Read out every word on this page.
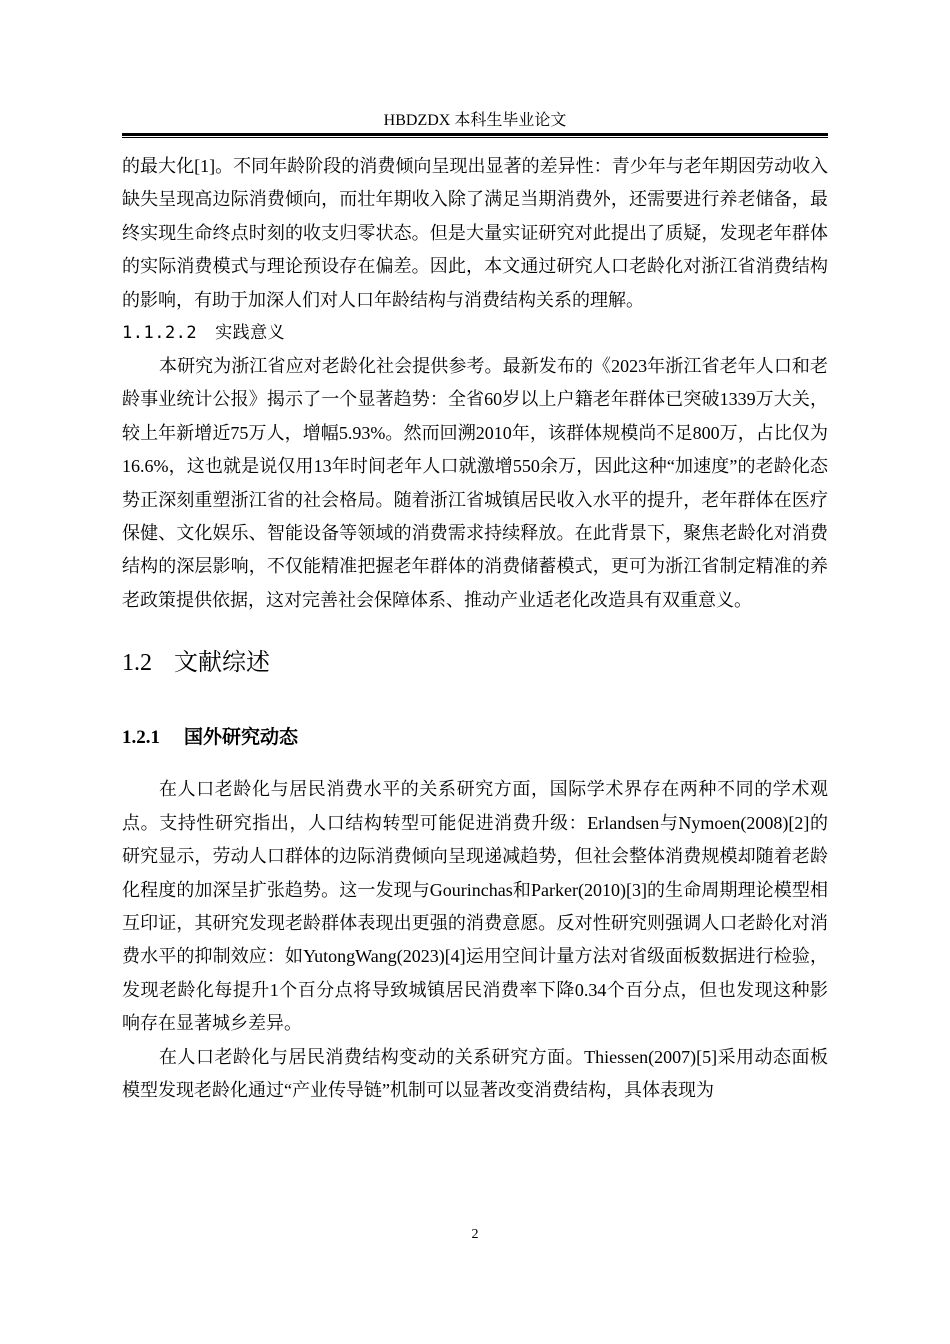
HBDZDX 本科生毕业论文

的最大化[1]。不同年龄阶段的消费倾向呈现出显著的差异性：青少年与老年期因劳动收入缺失呈现高边际消费倾向，而壮年期收入除了满足当期消费外，还需要进行养老储备，最终实现生命终点时刻的收支归零状态。但是大量实证研究对此提出了质疑，发现老年群体的实际消费模式与理论预设存在偏差。因此，本文通过研究人口老龄化对浙江省消费结构的影响，有助于加深人们对人口年龄结构与消费结构关系的理解。

1.1.2.2 实践意义

本研究为浙江省应对老龄化社会提供参考。最新发布的《2023年浙江省老年人口和老龄事业统计公报》揭示了一个显著趋势：全省60岁以上户籍老年群体已突破1339万大关，较上年新增近75万人，增幅5.93%。然而回溯2010年，该群体规模尚不足800万，占比仅为16.6%，这也就是说仅用13年时间老年人口就激增550余万，因此这种“加速度”的老龄化态势正深刻重塑浙江省的社会格局。随着浙江省城镇居民收入水平的提升，老年群体在医疗保健、文化娱乐、智能设备等领域的消费需求持续释放。在此背景下，聚焦老龄化对消费结构的深层影响，不仅能精准把握老年群体的消费储蓄模式，更可为浙江省制定精准的养老政策提供依据，这对完善社会保障体系、推动产业适老化改造具有双重意义。

1.2 文献综述
1.2.1 国外研究动态

在人口老龄化与居民消费水平的关系研究方面，国际学术界存在两种不同的学术观点。支持性研究指出，人口结构转型可能促进消费升级：Erlandsen与Nymoen(2008)[2]的研究显示，劳动人口群体的边际消费倾向呈现递减趋势，但社会整体消费规模却随着老龄化程度的加深呈扩张趋势。这一发现与Gourinchas和Parker(2010)[3]的生命周期理论模型相互印证，其研究发现老龄群体表现出更强的消费意愿。反对性研究则强调人口老龄化对消费水平的抑制效应：如YutongWang(2023)[4]运用空间计量方法对省级面板数据进行检验，发现老龄化每提升1个百分点将导致城镇居民消费率下降0.34个百分点，但也发现这种影响存在显著城乡差异。

在人口老龄化与居民消费结构变动的关系研究方面。Thiessen(2007)[5]采用动态面板模型发现老龄化通过“产业传导链”机制可以显著改变消费结构，具体表现为

2
